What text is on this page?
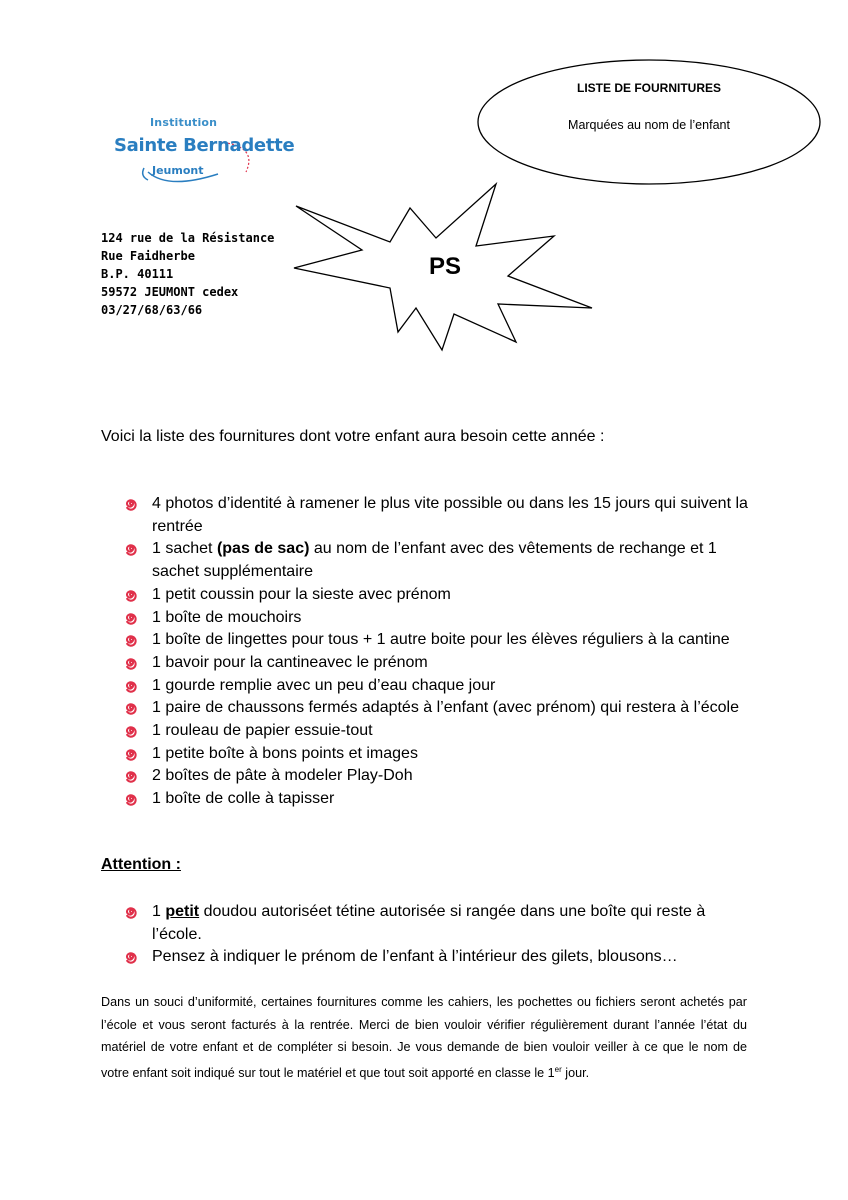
Institution
Sainte Bernadette
Jeumont
124 rue de la Résistance
Rue Faidherbe
B.P. 40111
59572 JEUMONT cedex
03/27/68/63/66
LISTE DE FOURNITURES
Marquées au nom de l’enfant
PS
Voici la liste des fournitures dont votre enfant aura besoin cette année :
4 photos d’identité à ramener le plus vite possible ou dans les 15 jours qui suivent la rentrée
1 sachet (pas de sac) au nom de l’enfant avec des vêtements de rechange et 1 sachet supplémentaire
1 petit coussin pour la sieste avec prénom
1 boîte de mouchoirs
1 boîte de lingettes pour tous + 1 autre boite pour les élèves réguliers à la cantine
1 bavoir pour la cantineavec le prénom
1 gourde remplie avec un peu d’eau chaque jour
1 paire de chaussons fermés adaptés à l’enfant (avec prénom) qui restera à l’école
1 rouleau de papier essuie-tout
1 petite boîte à bons points et images
2 boîtes de pâte à modeler Play-Doh
1 boîte de colle à tapisser
Attention :
1 petit doudou autoriséet tétine autorisée si rangée dans une boîte qui reste à l’école.
Pensez à indiquer le prénom de l’enfant à l’intérieur des gilets, blousons…
Dans un souci d’uniformité, certaines fournitures comme les cahiers, les pochettes ou fichiers seront achetés par l’école et vous seront facturés à la rentrée. Merci de bien vouloir vérifier régulièrement durant l’année l’état du matériel de votre enfant et de compléter si besoin. Je vous demande de bien vouloir veiller à ce que le nom de votre enfant soit indiqué sur tout le matériel et que tout soit apporté en classe le 1er jour.
